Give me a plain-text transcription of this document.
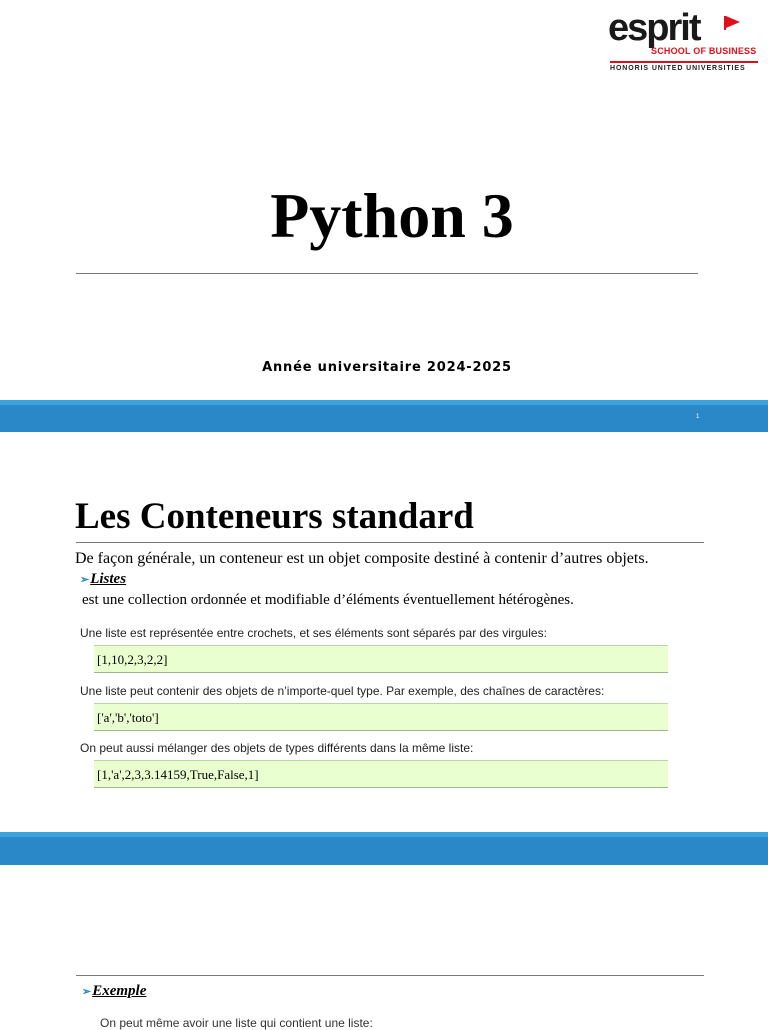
esprit
SCHOOL OF BUSINESS
HONORIS UNITED UNIVERSITIES
Python 3
Année universitaire 2024-2025
1
Les Conteneurs standard
De façon générale, un conteneur est un objet composite destiné à contenir d’autres objets.
➢Listes
est une collection ordonnée et modifiable d’éléments éventuellement hétérogènes.
Une liste est représentée entre crochets, et ses éléments sont séparés par des virgules:
[1,10,2,3,2,2]
Une liste peut contenir des objets de n’importe-quel type. Par exemple, des chaînes de caractères:
['a','b','toto']
On peut aussi mélanger des objets de types différents dans la même liste:
[1,'a',2,3,3.14159,True,False,1]
➢Exemple
On peut même avoir une liste qui contient une liste:
